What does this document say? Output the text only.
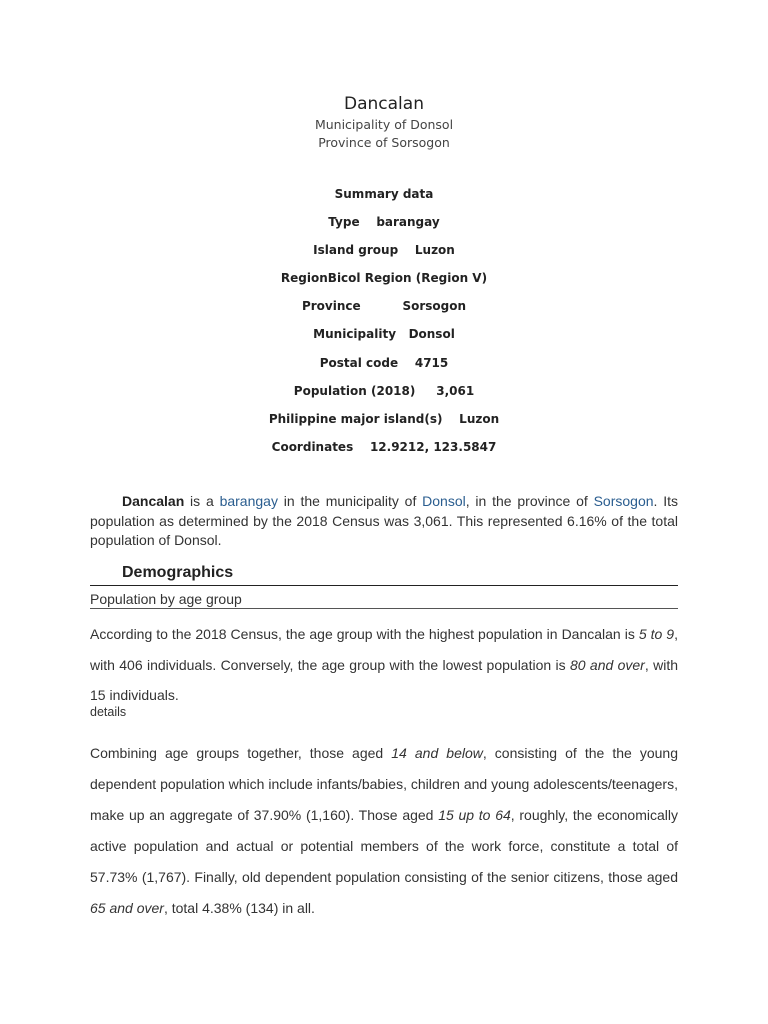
Dancalan
Municipality of Donsol
Province of Sorsogon
Summary data
Type barangay
Island group Luzon
RegionBicol Region (Region V)
Province	Sorsogon
Municipality Donsol
Postal code 4715
Population (2018) 3,061
Philippine major island(s) Luzon
Coordinates 12.9212, 123.5847
Dancalan is a barangay in the municipality of Donsol, in the province of Sorsogon. Its population as determined by the 2018 Census was 3,061. This represented 6.16% of the total population of Donsol.
Demographics
Population by age group
According to the 2018 Census, the age group with the highest population in Dancalan is 5 to 9, with 406 individuals. Conversely, the age group with the lowest population is 80 and over, with 15 individuals.
details
Combining age groups together, those aged 14 and below, consisting of the the young dependent population which include infants/babies, children and young adolescents/teenagers, make up an aggregate of 37.90% (1,160). Those aged 15 up to 64, roughly, the economically active population and actual or potential members of the work force, constitute a total of 57.73% (1,767). Finally, old dependent population consisting of the senior citizens, those aged 65 and over, total 4.38% (134) in all.
